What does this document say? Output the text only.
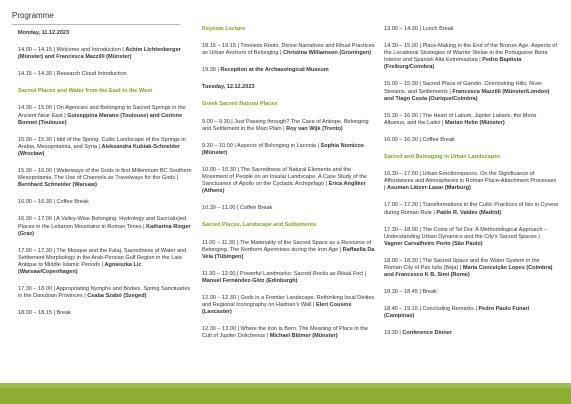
Programme
Monday, 11.12.2023
14.00 – 14.15 | Welcome and Introduction | Achim Lichtenberger (Münster) and Francesca Mazzilli (Münster)
14.15 – 14.30 | Research Cloud Introduction
Sacred Places and Water from the East to the West
14.30 – 15.00 | On Agencies and Belonging to Sacred Springs in the Ancient Near East | Guiseppina Marano (Toulouse) and Corinne Bonnet (Toulouse)
15.00 – 15.30 | Idol of the Spring. Cultic Landscape of the Springs in Arabia, Mesopotamia, and Syria | Aleksandra Kubiak-Schneider (Wrocław)
15.30 – 16.00 | Waterways of the Gods in first Millennium BC Southern Mesopotamia. The Use of Channels as Travelways for the Gods | Bernhard Schneider (Warsaw)
16.00 – 16.30 | Coffee Break
16.30 – 17.00 | A Valley-Wise Belonging. Hydrology and Sacr(alis)ed Places in the Lebanon Mountains in Roman Times | Katharina Rieger (Graz)
17.00 – 17.30 | The Mosque and the Falaj. Sacredness of Water and Settlement Morphology in the Arab-Persian Gulf Region in the Late Antique to Middle Islamic Periods | Agnieszka Lic (Warsaw/Copenhagen)
17.30 – 18.00 | Appropriating Nymphs and Bodies. Spring Sanctuaries in the Danubian Provinces | Csaba Szabó (Szeged)
18.00 – 18.15 | Break
Keynote Lecture
18.15 – 19.15 | Timeless Roots. Divine Narratives and Ritual Practices as Urban Anchors of Belonging | Christina Williamson (Groningen)
19.30 | Reception at the Archaeological Museum
Tuesday, 12.12.2023
Greek Sacred Natural Places
9.00 – 9.30 | Just Passing through? The Cave of Antiope. Belonging and Settlement in the Mazi Plain | Roy van Wijk (Trento)
9.30 – 10.00 | Aspects of Belonging in Laconia | Sophia Nomicos (Münster)
10.00 – 10.30 | The Sacredness of Natural Elements and the Movement of People on an Insular Landscape. A Case Study of the Sanctuaries of Apollo on the Cycladic Archipelago | Erica Angliker (Athens)
10.30 – 11.00 | Coffee Break
Sacred Places, Landscape and Settlements
11.00 – 11.30 | The Materiality of the Sacred Space as a Resource of Belonging. The Northern Apennines during the Iron Age | Raffaella Da Vela (Tübingen)
11.30 – 12.00 | Powerful Landmarks: Sacred Rocks as Ritual Foci | Manuel Fernández-Götz (Edinburgh)
12.00 – 12.30 | Gods in a Frontier Landscape. Rethinking local Deities and Regional Iconography on Hadrian’s Wall | Eleri Cousins (Lancaster)
12.30 – 13.00 | Where the Iron is Born. The Meaning of Place in the Cult of Jupiter Dolichenus | Michael Blömer (Münster)
13.00 – 14.30 | Lunch Break
14.30 – 15.00 | Place-Making in the End of the Bronze Age. Aspects of the Locational Strategies of Warrior Stelae in the Portuguese Beira Interior and Spanish Alta Extremadura | Pedro Baptista (Freiburg/Coimbra)
15.00 – 15.30 | Sacred Place of Garvão. Overlooking Hills, River Streams, and Settlements | Francesca Mazzilli (Münster/London) and Tiago Costa (Ourique/Coimbra)
15.30 – 16.00 | The Heart of Latium. Jupiter Latiaris, the Mons Albanus, and the Latini | Marian Helm (Münster)
16.00 – 16.30 | Coffee Break
Sacred and Belonging in Urban Landscapes
16.30 – 17.00 | Urban Emotionspaces. On the Significance of Affordances and Atmospheres in Roman Place-Attachment Processes | Asuman Lätzer-Lasar (Marburg)
17.00 – 17.30 | Transformations in the Cultic Practices of Isis in Cyrene during Roman Rule | Pablo R. Valdés (Madrid)
17.30 – 18.00 | The Coins of Tel Dor. A Methodological Approach – Understanding Urban Dynamics and the City’s Sacred Spaces | Vagner Carvalheiro Porto (São Paulo)
18.00 – 18.30 | The Sacred Space and the Water System in the Roman City of Pax Iulia (Beja) | Maria Conceição Lopes (Coimbra) and Francesco K B. Simi (Rome)
18.30 – 18.45 | Break
18.45 – 19.15 | Concluding Remarks | Pedro Paulo Funari (Campinas)
19.30 | Conference Dinner
